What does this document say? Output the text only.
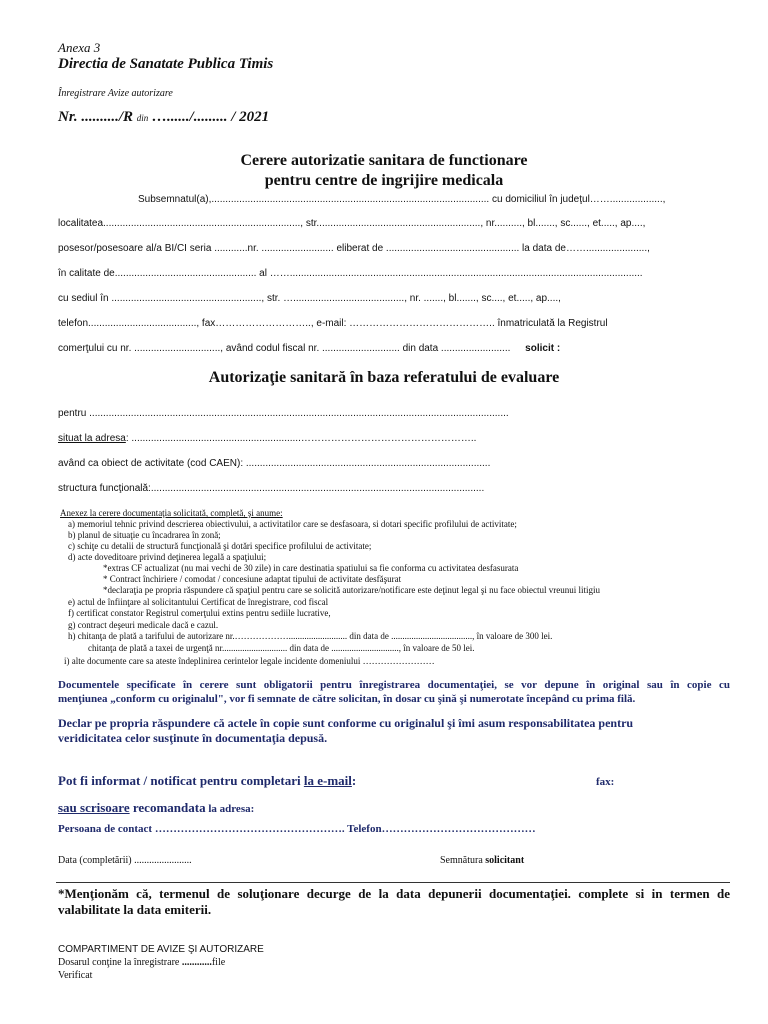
Anexa 3
Directia de Sanatate Publica Timis
Înregistrare Avize autorizare
Nr. ........../R din …....../......... / 2021
Cerere autorizatie sanitara de functionare
pentru centre de ingrijire medicala
Subsemnatul(a),.................................................................................................... cu domiciliul în judeţul……...................,
localitatea......................................................................., str..........................................................., nr.........., bl......., sc......, et....., ap....,
posesor/posesoare al/a BI/CI seria ............nr. .......................... eliberat de ................................................ la data de……......................,
în calitate de................................................... al ……...............................................................................................................................
cu sediul în ......................................................, str. …........................................, nr. ......., bl......., sc...., et....., ap....,
telefon......................................., fax……………………….., e-mail: …………………………………….. înmatriculată la Registrul
comerţului cu nr. ..............................., având codul fiscal nr. ............................ din data ......................... solicit :
Autorizaţie sanitară în baza referatului de evaluare
pentru .......................................................................................................................................................
situat la adresa: .............................................................……………………………………………..
având ca obiect de activitate (cod CAEN): ........................................................................................
structura funcţională:........................................................................................................................
Anexez la cerere documentaţia solicitată, completă, şi anume:
a) memoriul tehnic privind descrierea obiectivului, a activitatilor care se desfasoara, si dotari specific profilului de activitate;
b) planul de situaţie cu încadrarea în zonă;
c) schiţe cu detalii de structură funcţională şi dotări specifice profilului de activitate;
d) acte doveditoare privind deţinerea legală a spaţiului;
*extras CF actualizat (nu mai vechi de 30 zile) in care destinatia spatiului sa fie conforma cu activitatea desfasurata
* Contract închiriere / comodat / concesiune adaptat tipului de activitate desfăşurat
*declaraţia pe propria răspundere că spaţiul pentru care se solicită autorizare/notificare este deţinut legal şi nu face obiectul vreunui litigiu
e) actul de înfiinţare al solicitantului Certificat de înregistrare, cod fiscal
f) certificat constator Registrul comerţului extins pentru sediile lucrative,
g) contract deşeuri medicale dacă e cazul.
h) chitanţa de plată a tarifului de autorizare nr.……………….......................... din data de ...................................., în valoare de 300 lei.
chitanţa de plată a taxei de urgenţă nr............................. din data de .............................., în valoare de 50 lei.
i) alte documente care sa ateste îndeplinirea cerintelor legale incidente domeniului ……………………
Documentele specificate în cerere sunt obligatorii pentru înregistrarea documentaţiei, se vor depune în original sau în copie cu
menţiunea „conform cu originalul", vor fi semnate de către solicitan, în dosar cu şină şi numerotate începând cu prima filă.
Declar pe propria răspundere că actele în copie sunt conforme cu originalul şi îmi asum responsabilitatea pentru
veridicitatea celor susţinute în documentaţia depusă.
Pot fi informat / notificat pentru completari la e-mail:	fax:
sau scrisoare recomandata la adresa:
Persoana de contact ……………………………………………. Telefon……………………………………
Data (completării) .......................	Semnătura solicitant
*Menţionăm că, termenul de soluţionare decurge de la data depunerii documentaţiei. complete si in termen de
valabilitate la data emiterii.
COMPARTIMENT DE AVIZE ŞI AUTORIZARE
Dosarul conţine la înregistrare ............file
Verificat
